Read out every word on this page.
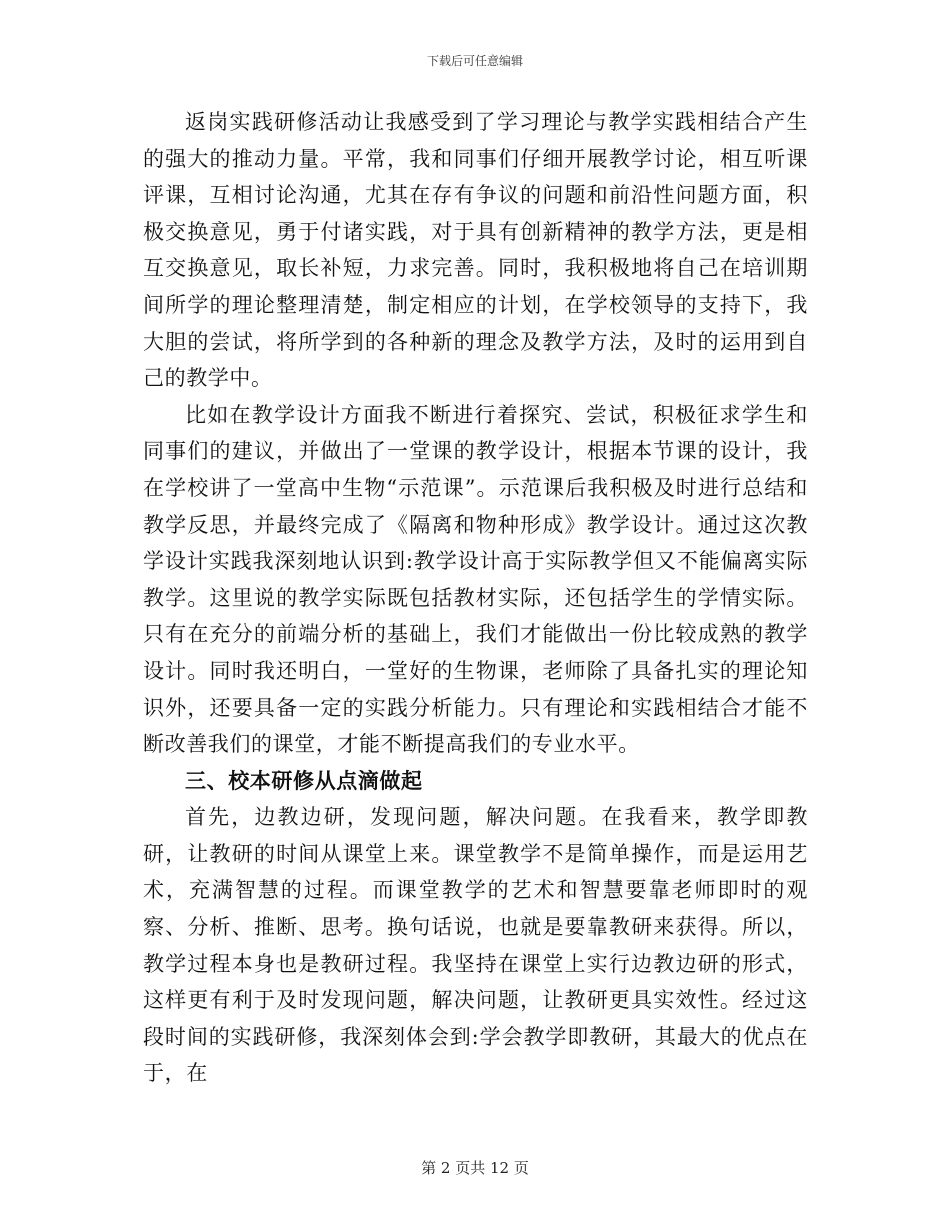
下载后可任意编辑

返岗实践研修活动让我感受到了学习理论与教学实践相结合产生的强大的推动力量。平常，我和同事们仔细开展教学讨论，相互听课评课，互相讨论沟通，尤其在存有争议的问题和前沿性问题方面，积极交换意见，勇于付诸实践，对于具有创新精神的教学方法，更是相互交换意见，取长补短，力求完善。同时，我积极地将自己在培训期间所学的理论整理清楚，制定相应的计划，在学校领导的支持下，我大胆的尝试，将所学到的各种新的理念及教学方法，及时的运用到自己的教学中。

比如在教学设计方面我不断进行着探究、尝试，积极征求学生和同事们的建议，并做出了一堂课的教学设计，根据本节课的设计，我在学校讲了一堂高中生物“示范课”。示范课后我积极及时进行总结和教学反思，并最终完成了《隔离和物种形成》教学设计。通过这次教学设计实践我深刻地认识到:教学设计高于实际教学但又不能偏离实际教学。这里说的教学实际既包括教材实际，还包括学生的学情实际。只有在充分的前端分析的基础上，我们才能做出一份比较成熟的教学设计。同时我还明白，一堂好的生物课，老师除了具备扎实的理论知识外，还要具备一定的实践分析能力。只有理论和实践相结合才能不断改善我们的课堂，才能不断提高我们的专业水平。

三、校本研修从点滴做起

首先，边教边研，发现问题，解决问题。在我看来，教学即教研，让教研的时间从课堂上来。课堂教学不是简单操作，而是运用艺术，充满智慧的过程。而课堂教学的艺术和智慧要靠老师即时的观察、分析、推断、思考。换句话说，也就是要靠教研来获得。所以，教学过程本身也是教研过程。我坚持在课堂上实行边教边研的形式，这样更有利于及时发现问题，解决问题，让教研更具实效性。经过这段时间的实践研修，我深刻体会到:学会教学即教研，其最大的优点在于，在

第 2 页共 12 页
